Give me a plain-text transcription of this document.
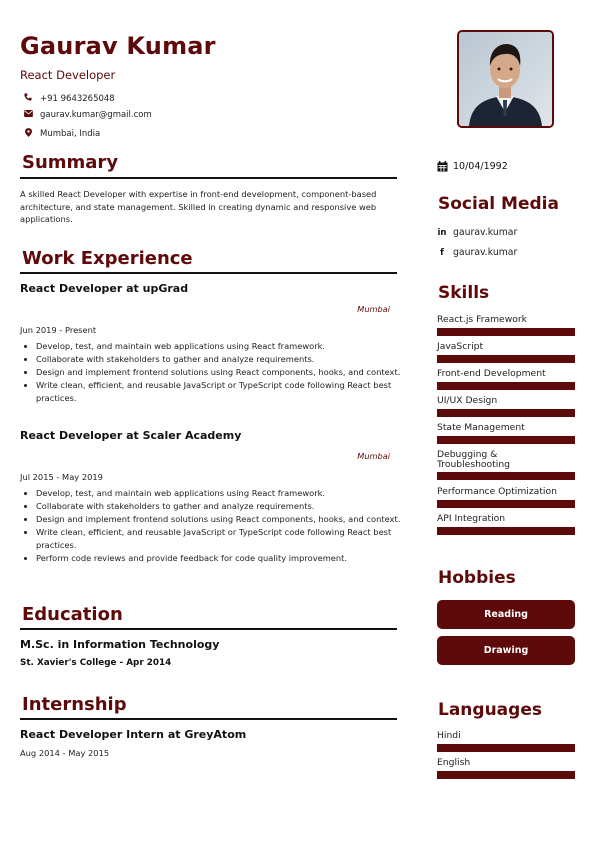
Gaurav Kumar
React Developer
+91 9643265048
gaurav.kumar@gmail.com
Mumbai, India
Summary
A skilled React Developer with expertise in front-end development, component-based architecture, and state management. Skilled in creating dynamic and responsive web applications.
Work Experience
React Developer at upGrad
Mumbai
Jun 2019 - Present
• Develop, test, and maintain web applications using React framework.
• Collaborate with stakeholders to gather and analyze requirements.
• Design and implement frontend solutions using React components, hooks, and context.
• Write clean, efficient, and reusable JavaScript or TypeScript code following React best practices.
React Developer at Scaler Academy
Mumbai
Jul 2015 - May 2019
• Develop, test, and maintain web applications using React framework.
• Collaborate with stakeholders to gather and analyze requirements.
• Design and implement frontend solutions using React components, hooks, and context.
• Write clean, efficient, and reusable JavaScript or TypeScript code following React best practices.
• Perform code reviews and provide feedback for code quality improvement.
Education
M.Sc. in Information Technology
St. Xavier's College - Apr 2014
Internship
React Developer Intern at GreyAtom
Aug 2014 - May 2015
10/04/1992
Social Media
in gaurav.kumar
f gaurav.kumar
Skills
React.js Framework
JavaScript
Front-end Development
UI/UX Design
State Management
Debugging & Troubleshooting
Performance Optimization
API Integration
Hobbies
Reading
Drawing
Languages
Hindi
English
